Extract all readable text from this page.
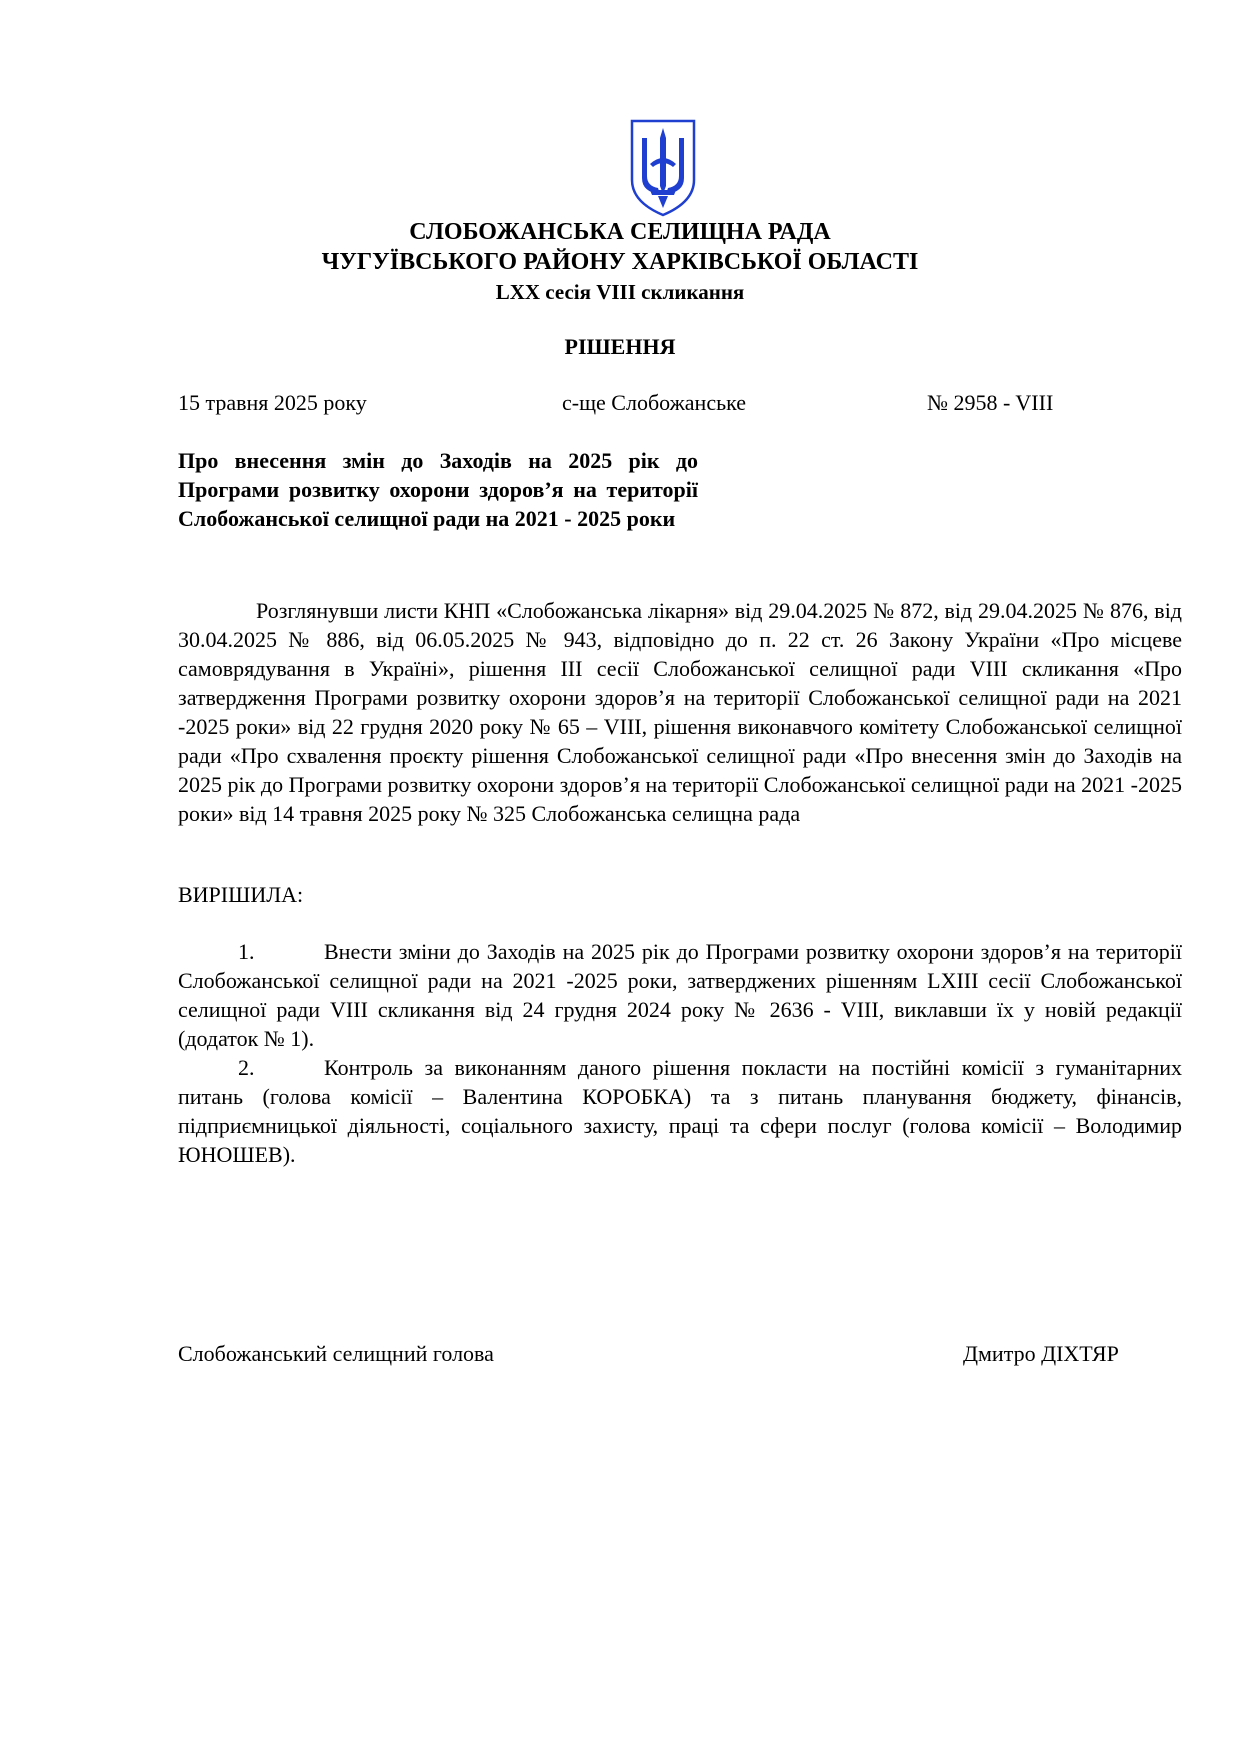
СЛОБОЖАНСЬКА СЕЛИЩНА РАДА
ЧУГУЇВСЬКОГО РАЙОНУ ХАРКІВСЬКОЇ ОБЛАСТІ
LXX сесія VIII скликання
РІШЕННЯ
15 травня 2025 року	с-ще Слобожанське	№ 2958 - VIII
Про внесення змін до Заходів на 2025 рік до Програми розвитку охорони здоров’я на території Слобожанської селищної ради на 2021 - 2025 роки

Розглянувши листи КНП «Слобожанська лікарня» від 29.04.2025 № 872, від 29.04.2025 № 876, від 30.04.2025 № 886, від 06.05.2025 № 943, відповідно до п. 22 ст. 26 Закону України «Про місцеве самоврядування в Україні», рішення ІІІ сесії Слобожанської селищної ради VIII скликання «Про затвердження Програми розвитку охорони здоров’я на території Слобожанської селищної ради на 2021 -2025 роки» від 22 грудня 2020 року № 65 – VIII, рішення виконавчого комітету Слобожанської селищної ради «Про схвалення проєкту рішення Слобожанської селищної ради «Про внесення змін до Заходів на 2025 рік до Програми розвитку охорони здоров’я на території Слобожанської селищної ради на 2021 -2025 роки» від 14 травня 2025 року № 325 Слобожанська селищна рада

ВИРІШИЛА:

1.	Внести зміни до Заходів на 2025 рік до Програми розвитку охорони здоров’я на території Слобожанської селищної ради на 2021 -2025 роки, затверджених рішенням LXIII сесії Слобожанської селищної ради VIII скликання від 24 грудня 2024 року № 2636 - VIII, виклавши їх у новій редакції (додаток № 1).

2.	Контроль за виконанням даного рішення покласти на постійні комісії з гуманітарних питань (голова комісії – Валентина КОРОБКА) та з питань планування бюджету, фінансів, підприємницької діяльності, соціального захисту, праці та сфери послуг (голова комісії – Володимир ЮНОШЕВ).

Слобожанський селищний голова	Дмитро ДІХТЯР
